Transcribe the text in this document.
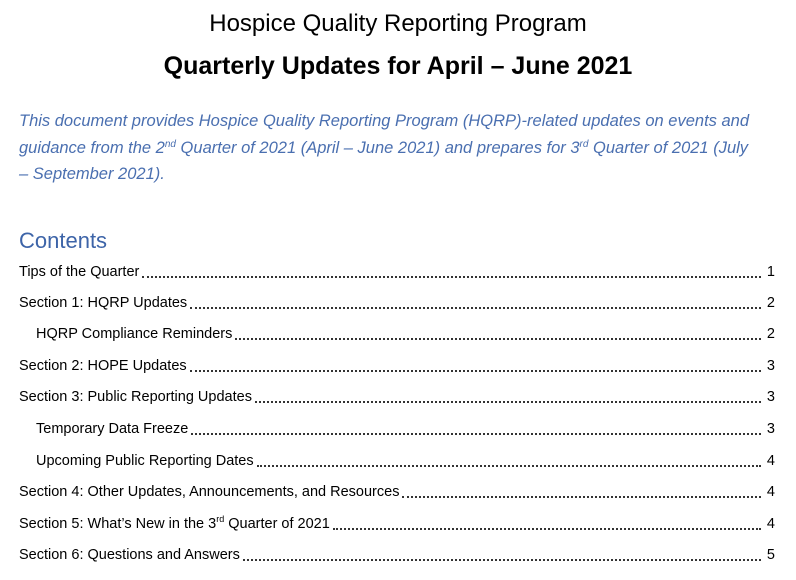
Hospice Quality Reporting Program
Quarterly Updates for April – June 2021
This document provides Hospice Quality Reporting Program (HQRP)-related updates on events and guidance from the 2nd Quarter of 2021 (April – June 2021) and prepares for 3rd Quarter of 2021 (July – September 2021).
Contents
Tips of the Quarter	1
Section 1: HQRP Updates	2
HQRP Compliance Reminders	2
Section 2: HOPE Updates	3
Section 3: Public Reporting Updates	3
Temporary Data Freeze	3
Upcoming Public Reporting Dates	4
Section 4: Other Updates, Announcements, and Resources	4
Section 5: What’s New in the 3rd Quarter of 2021	4
Section 6: Questions and Answers	5
